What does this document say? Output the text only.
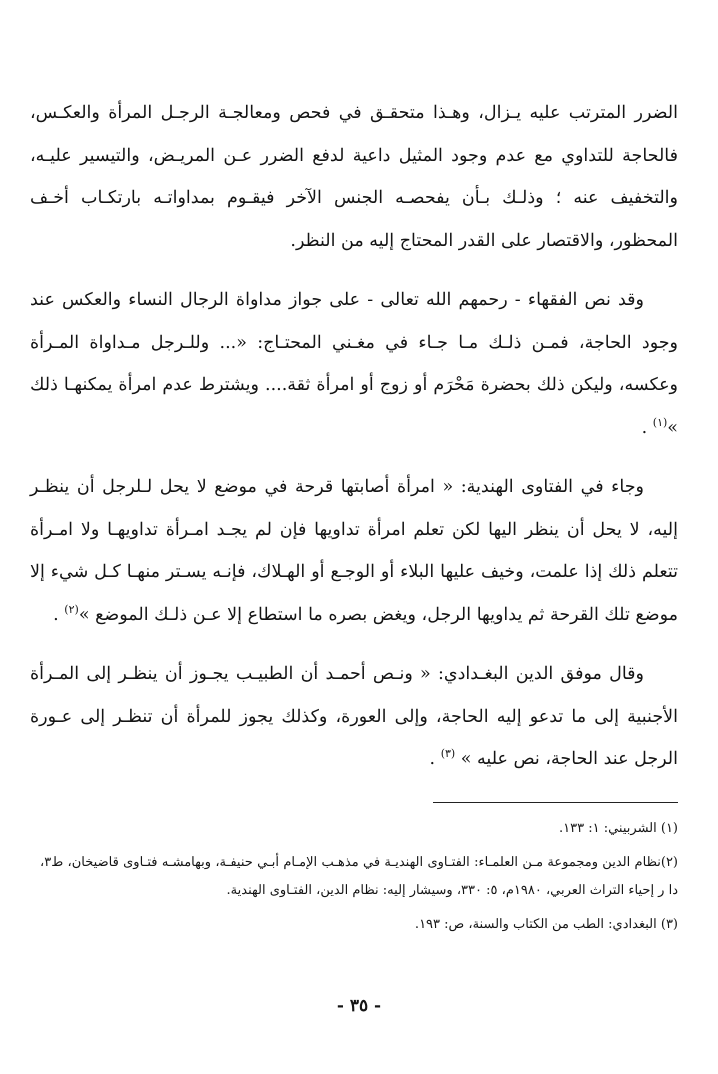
الضرر المترتب عليه يـزال، وهـذا متحقـق في فحص ومعالجـة الرجـل المرأة والعكـس، فالحاجة للتداوي مع عدم وجود المثيل داعية لدفع الضرر عـن المريـض، والتيسير عليـه، والتخفيف عنه ؛ وذلـك بـأن يفحصـه الجنس الآخر فيقـوم بمداواتـه بارتكـاب أخـف المحظور، والاقتصار على القدر المحتاج إليه من النظر.

وقد نص الفقهاء - رحمهم الله تعالى - على جواز مداواة الرجال النساء والعكس عند وجود الحاجة، فمـن ذلـك مـا جـاء في مغـني المحتـاج: «... وللـرجل مـداواة المـرأة وعكسه، وليكن ذلك بحضرة مَحْرَم أو زوج أو امرأة ثقة.... ويشترط عدم امرأة يمكنهـا ذلك »$^{(١)}$ .

وجاء في الفتاوى الهندية: « امرأة أصابتها قرحة في موضع لا يحل لـلرجل أن ينظـر إليه، لا يحل أن ينظر اليها لكن تعلم امرأة تداويها فإن لم يجـد امـرأة تداويهـا ولا امـرأة تتعلم ذلك إذا علمت، وخيف عليها البلاء أو الوجـع أو الهـلاك، فإنـه يسـتر منهـا كـل شيء إلا موضع تلك القرحة ثم يداويها الرجل، ويغض بصره ما استطاع إلا عـن ذلـك الموضع »$^{(٢)}$ .

وقال موفق الدين البغـدادي: « ونـص أحمـد أن الطبيـب يجـوز أن ينظـر إلى المـرأة الأجنبية إلى ما تدعو إليه الحاجة، وإلى العورة، وكذلك يجوز للمرأة أن تنظـر إلى عـورة الرجل عند الحاجة، نص عليه » $^{(٣)}$ .

(١) الشربيني: ١: ١٣٣.

(٢)نظام الدين ومجموعة مـن العلمـاء: الفتـاوى الهنديـة في مذهـب الإمـام أبـي حنيفـة، وبهامشـه فتـاوى قاضيخان، ط٣، دا ر إحياء التراث العربي، ١٩٨٠م، ٥: ٣٣٠، وسيشار إليه: نظام الدين، الفتـاوى الهندية.

(٣) البغدادي: الطب من الكتاب والسنة، ص: ١٩٣.

- ٣٥ -
